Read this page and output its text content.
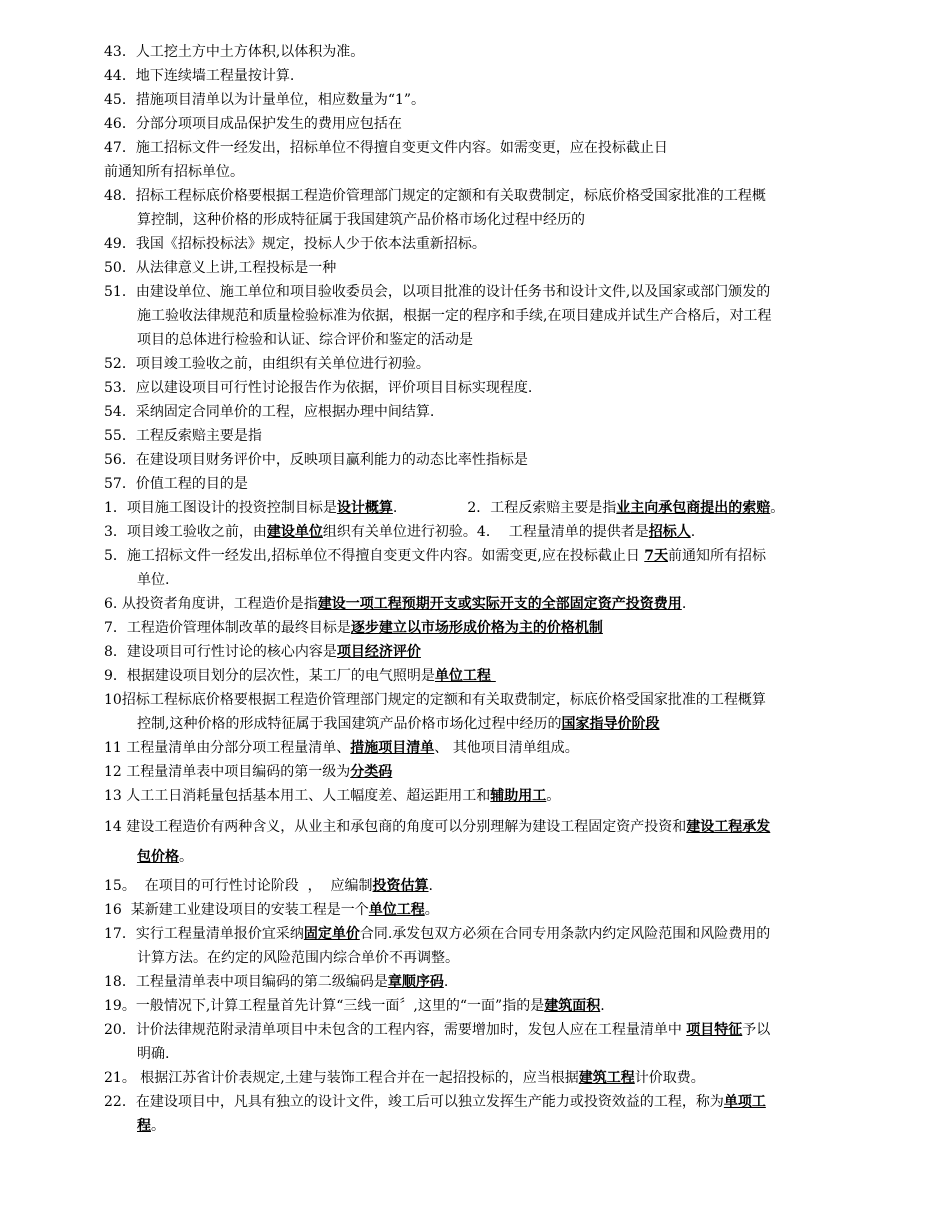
43． 人工挖土方中土方体积,以体积为准。
44． 地下连续墙工程量按计算.
45． 措施项目清单以为计量单位，相应数量为“1”。
46． 分部分项项目成品保护发生的费用应包括在
47． 施工招标文件一经发出，招标单位不得擅自变更文件内容。如需变更，应在投标截止日
前通知所有招标单位。
48． 招标工程标底价格要根据工程造价管理部门规定的定额和有关取费制定，标底价格受国家批准的工程概
算控制，这种价格的形成特征属于我国建筑产品价格市场化过程中经历的
49． 我国《招标投标法》规定，投标人少于依本法重新招标。
50． 从法律意义上讲,工程投标是一种
51． 由建设单位、施工单位和项目验收委员会，以项目批准的设计任务书和设计文件,以及国家或部门颁发的
施工验收法律规范和质量检验标准为依据，根据一定的程序和手续,在项目建成并试生产合格后，对工程
项目的总体进行检验和认证、综合评价和鉴定的活动是
52． 项目竣工验收之前，由组织有关单位进行初验。
53． 应以建设项目可行性讨论报告作为依据，评价项目目标实现程度.
54． 采纳固定合同单价的工程，应根据办理中间结算.
55． 工程反索赔主要是指
56． 在建设项目财务评价中，反映项目赢利能力的动态比率性指标是
57． 价值工程的目的是
1． 项目施工图设计的投资控制目标是 设计概算 .	2． 工程反索赔主要是指 业主向承包商提出的索赔 。
3． 项目竣工验收之前，由 建设单位 组织有关单位进行初验。 4． 工程量清单的提供者是 招标人 .
5． 施工招标文件一经发出,招标单位不得擅自变更文件内容。如需变更,应在投标截止日 7天 前通知所有招标
单位.
6. 从投资者角度讲，工程造价是指 建设一项工程预期开支或实际开支的全部固定资产投资费用 .
7． 工程造价管理体制改革的最终目标是 逐步建立以市场形成价格为主的价格机制
8． 建设项目可行性讨论的核心内容是 项目经济评价
9． 根据建设项目划分的层次性，某工厂的电气照明是 单位工程
10 招标工程标底价格要根据工程造价管理部门规定的定额和有关取费制定，标底价格受国家批准的工程概算
控制,这种价格的形成特征属于我国建筑产品价格市场化过程中经历的国家指导价阶段
11 工程量清单由分部分项工程量清单、 措施项目清单 、 其他项目清单组成。
12 工程量清单表中项目编码的第一级为 分类码
13 人工工日消耗量包括基本用工、人工幅度差、超运距用工和 辅助用工 。
14 建设工程造价有两种含义，从业主和承包商的角度可以分别理解为建设工程固定资产投资和 建设工程承发
包价格。
15。 在项目的可行性讨论阶段  ，  应编制 投资估算 .
16 某新建工业建设项目的安装工程是一个 单位工程 。
17． 实行工程量清单报价宜采纳 固定单价 合同.承发包双方必须在合同专用条款内约定风险范围和风险费用的
计算方法。在约定的风险范围内综合单价不再调整。
18． 工程量清单表中项目编码的第二级编码是 章顺序码 .
19。 一般情况下,计算工程量首先计算“三线一面〞,这里的“一面”指的是 建筑面积 .
20． 计价法律规范附录清单项目中未包含的工程内容，需要增加时，发包人应在工程量清单中 项目特征 予以
明确.
21。 根据江苏省计价表规定,土建与装饰工程合并在一起招投标的，应当根据 建筑工程 计价取费。
22． 在建设项目中，凡具有独立的设计文件，竣工后可以独立发挥生产能力或投资效益的工程，称为 单项工
程。
